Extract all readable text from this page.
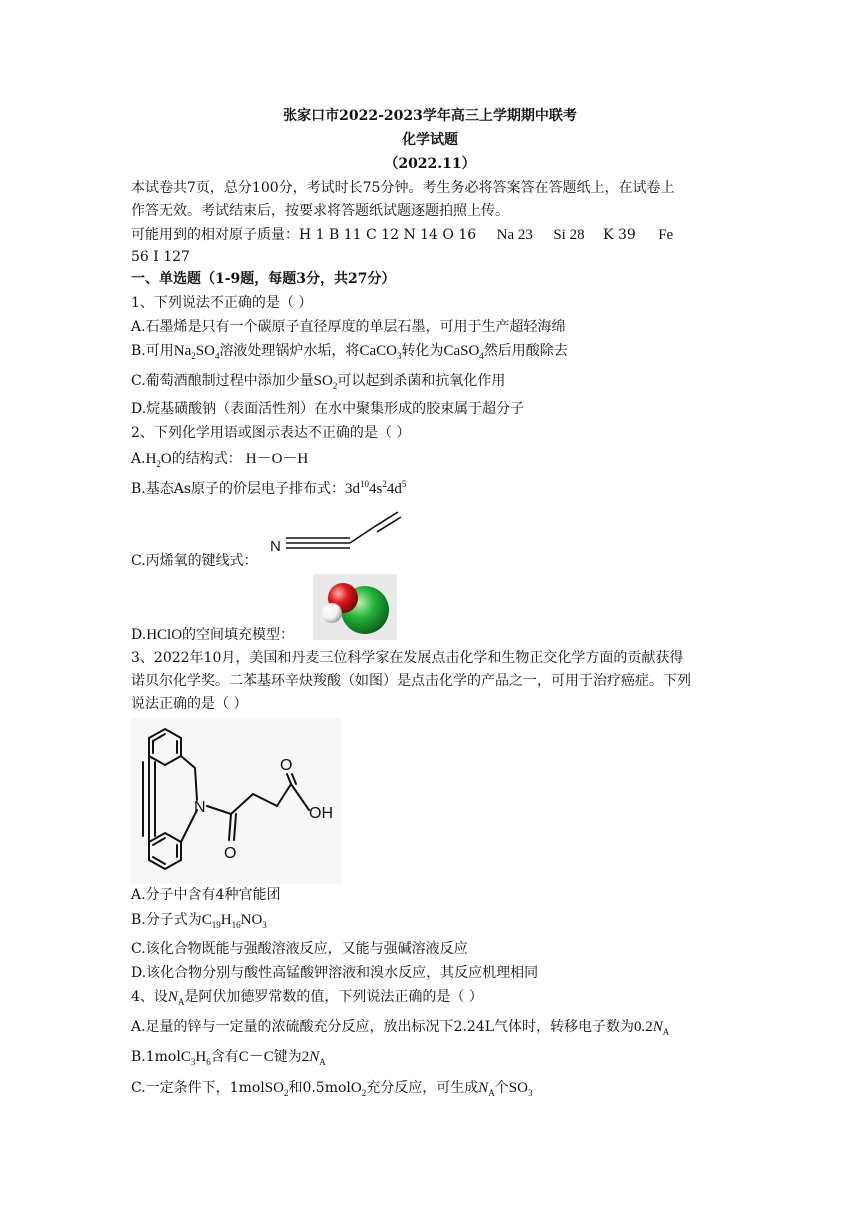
张家口市2022-2023学年高三上学期期中联考
化学试题
（2022.11）
本试卷共7页，总分100分，考试时长75分钟。考生务必将答案答在答题纸上，在试卷上
作答无效。考试结束后，按要求将答题纸试题逐题拍照上传。
可能用到的相对原子质量：H 1 B 11 C 12 N 14 O 16 Na 23 Si 28 K 39 Fe
56 I 127
一、单选题（1-9题，每题3分，共27分）
1、下列说法不正确的是（ ）
A.石墨烯是只有一个碳原子直径厚度的单层石墨，可用于生产超轻海绵
B.可用$Na_2SO_4$溶液处理锅炉水垢，将CaCO$_3$转化为CaSO$_4$然后用酸除去
C.葡萄酒酿制过程中添加少量$SO_2$可以起到杀菌和抗氧化作用
D.烷基磺酸钠（表面活性剂）在水中聚集形成的胶束属于超分子
2、下列化学用语或图示表达不正确的是（ ）
$A.H_2O$的结构式： H－O－H
B.基态As原子的价层电子排布式：$3d^{10}4s^24d^5$
N
C.丙烯氧的键线式：
D.HClO的空间填充模型：
3、2022年10月，美国和丹麦三位科学家在发展点击化学和生物正交化学方面的贡献获得
诺贝尔化学奖。二苯基环辛炔羧酸（如图）是点击化学的产品之一，可用于治疗癌症。下列
说法正确的是（ ）
N
O
O
OH
A.分子中含有4种官能团
B.分子式为$C_{19}H_{16}NO_3$
C.该化合物既能与强酸溶液反应，又能与强碱溶液反应
D.该化合物分别与酸性高锰酸钾溶液和溴水反应，其反应机理相同
4、设$N_A$是阿伏加德罗常数的值，下列说法正确的是（ ）
A.足量的锌与一定量的浓硫酸充分反应，放出标况下2.24L气体时，转移电子数为$0.2N_A$
$B.1molC_3H_6$含有C－C键为$2N_A$
C.一定条件下，1molSO$_2$和0.5molO$_2$充分反应，可生成$N_A$个$SO_3$
